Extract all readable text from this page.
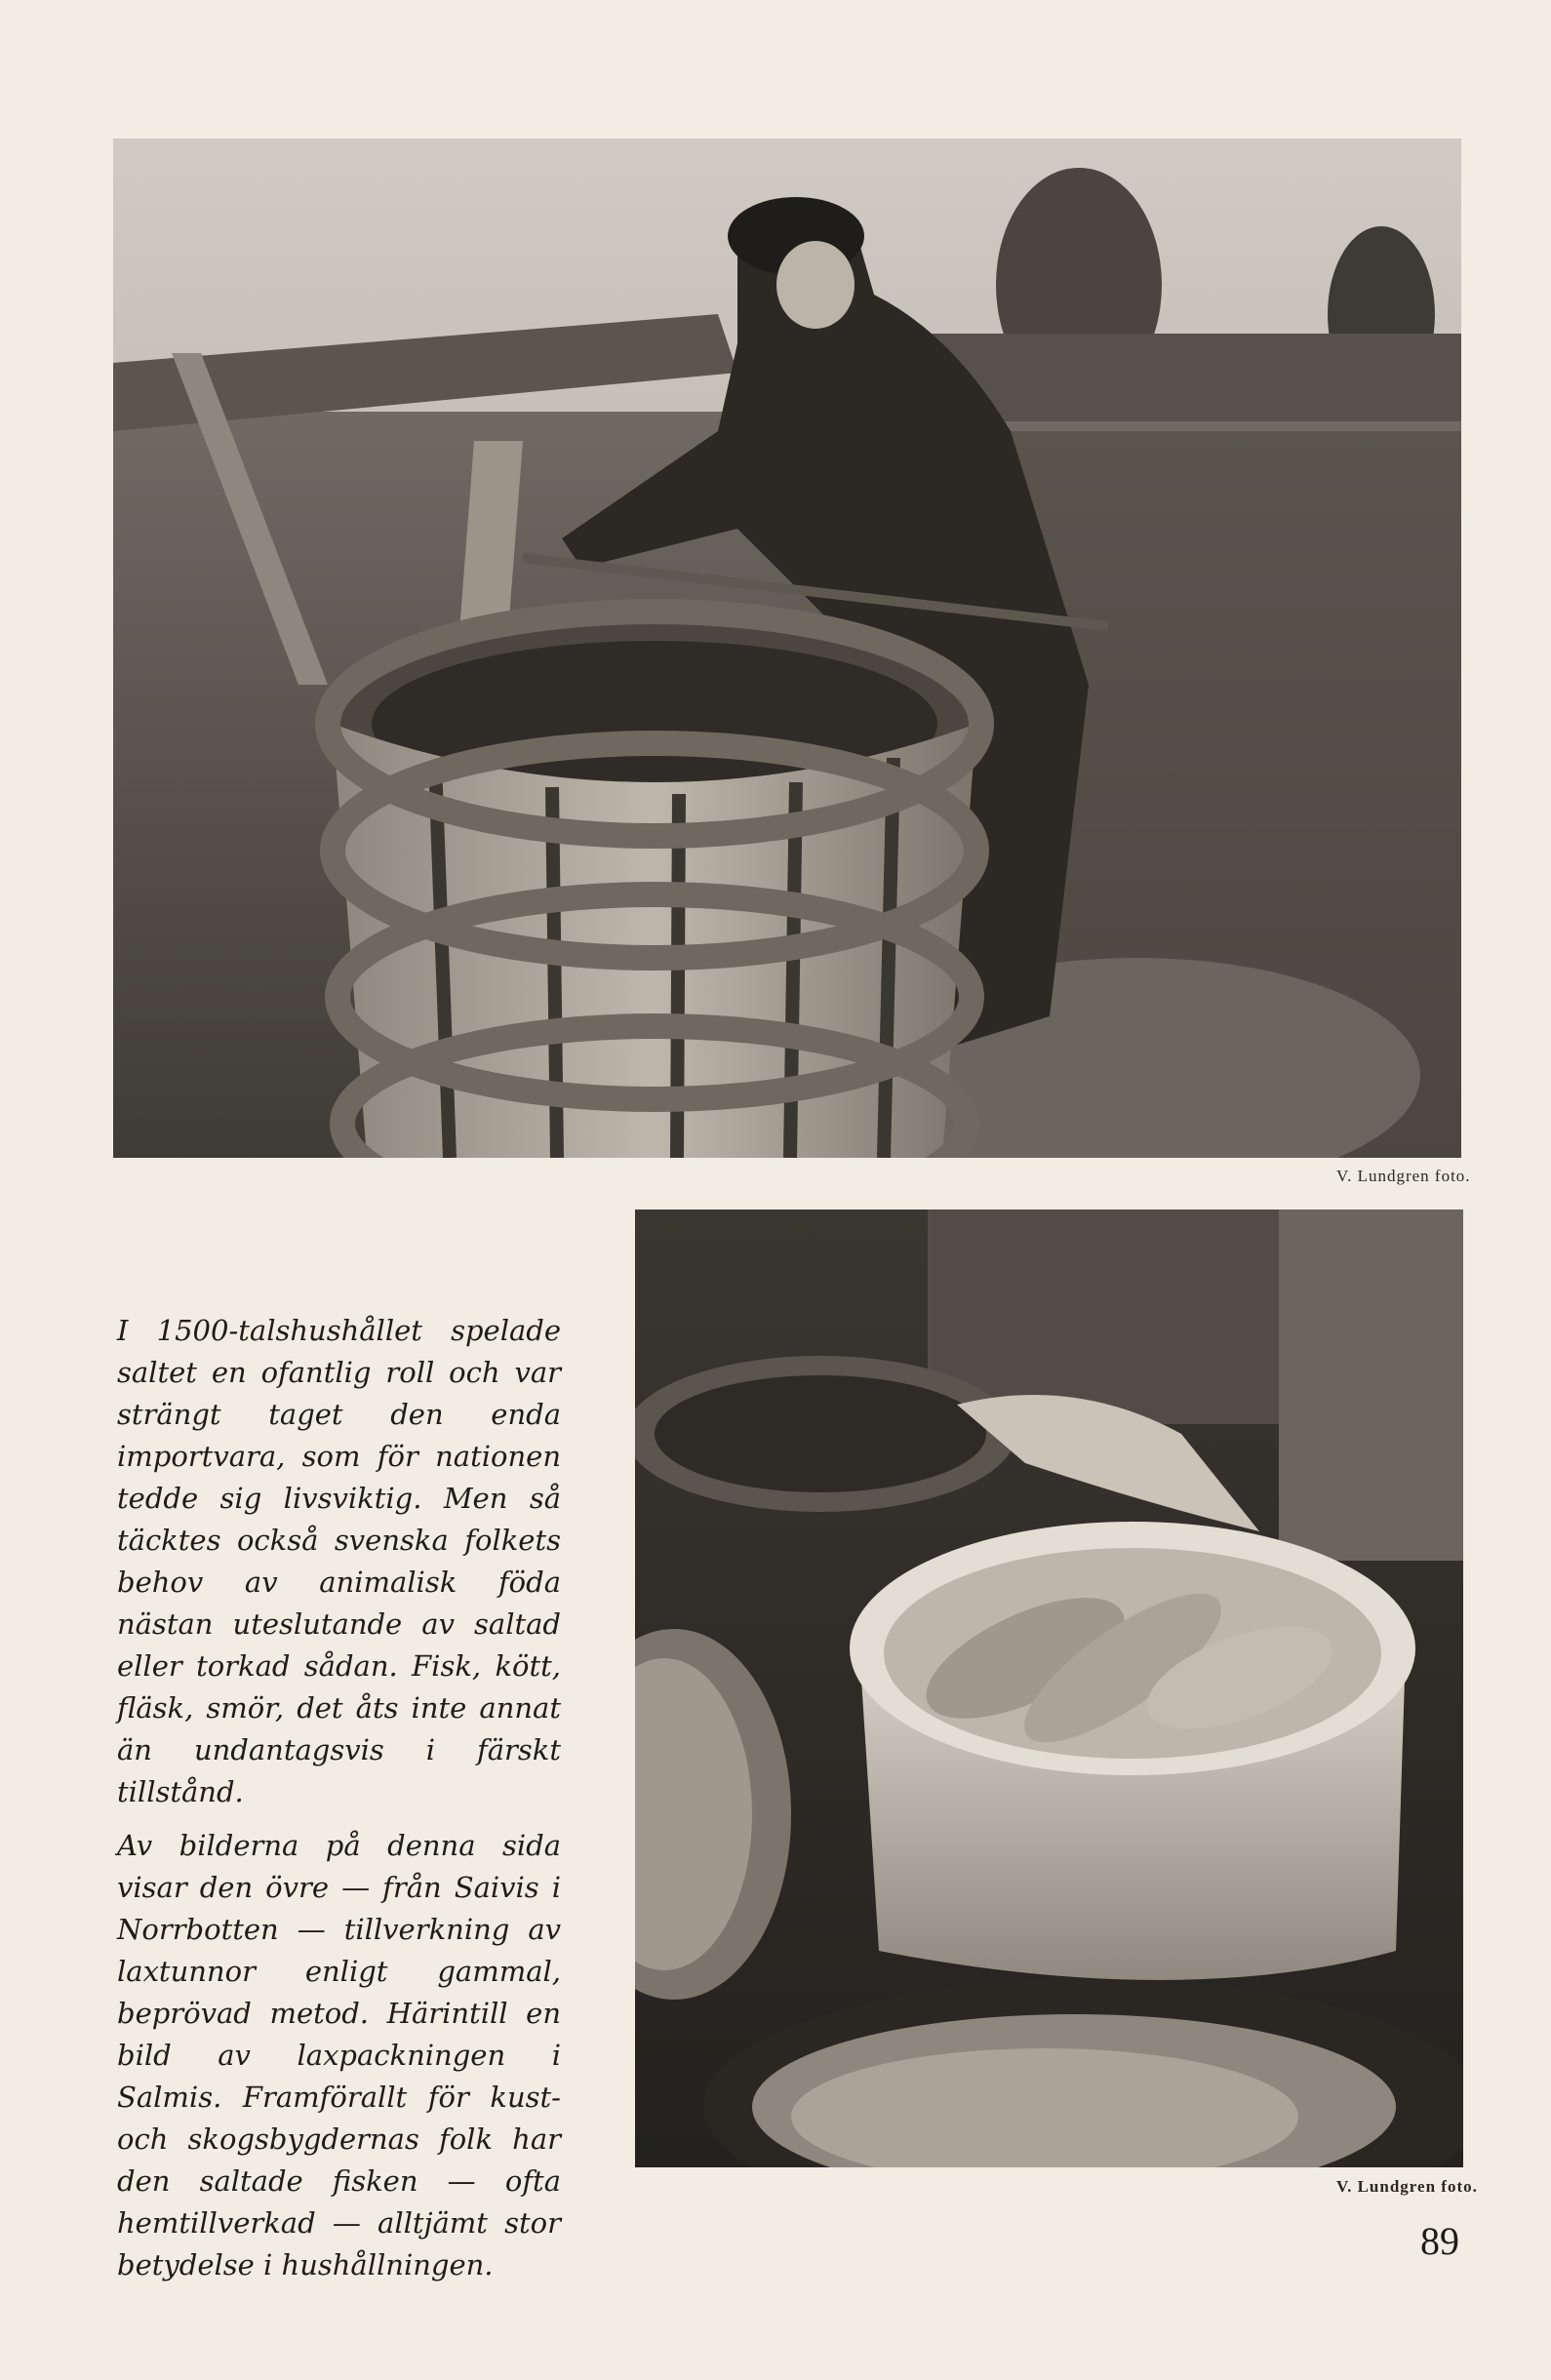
V. Lundgren foto.

I 1500-talshushållet spelade saltet en ofantlig roll och var strängt taget den enda importvara, som för nationen tedde sig livsviktig. Men så täcktes också svenska folkets behov av animalisk föda nästan uteslutande av saltad eller torkad sådan. Fisk, kött, fläsk, smör, det åts inte annat än undantagsvis i färskt tillstånd.

Av bilderna på denna sida visar den övre — från Saivis i Norrbotten — tillverkning av laxtunnor enligt gammal, beprövad metod. Härintill en bild av laxpackningen i Salmis. Framförallt för kust- och skogsbygdernas folk har den saltade fisken — ofta hemtillverkad — alltjämt stor betydelse i hushållningen.

V. Lundgren foto.
89
